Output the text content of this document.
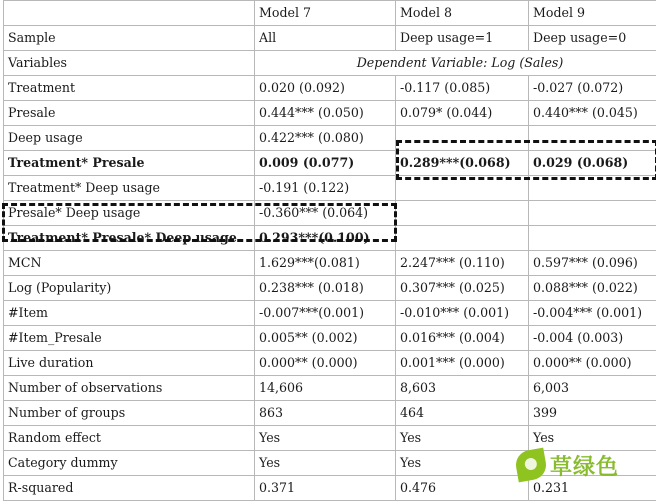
	Model 7	Model 8	Model 9
Sample	All	Deep usage=1	Deep usage=0
Variables	Dependent Variable: Log (Sales)		
Treatment	0.020 (0.092)	-0.117 (0.085)	-0.027 (0.072)
Presale	0.444*** (0.050)	0.079* (0.044)	0.440*** (0.045)
Deep usage	0.422*** (0.080)		
Treatment* Presale	0.009 (0.077)	0.289***(0.068)	0.029 (0.068)
Treatment* Deep usage	-0.191 (0.122)		
Presale* Deep usage	-0.360*** (0.064)		
Treatment* Presale* Deep usage	0.293***(0.100)		
MCN	1.629***(0.081)	2.247*** (0.110)	0.597*** (0.096)
Log (Popularity)	0.238*** (0.018)	0.307*** (0.025)	0.088*** (0.022)
#Item	-0.007***(0.001)	-0.010*** (0.001)	-0.004*** (0.001)
#Item_Presale	0.005** (0.002)	0.016*** (0.004)	-0.004 (0.003)
Live duration	0.000** (0.000)	0.001*** (0.000)	0.000** (0.000)
Number of observations	14,606	8,603	6,003
Number of groups	863	464	399
Random effect	Yes	Yes	Yes
Category dummy	Yes	Yes	
R-squared	0.371	0.476	0.231
草绿色
